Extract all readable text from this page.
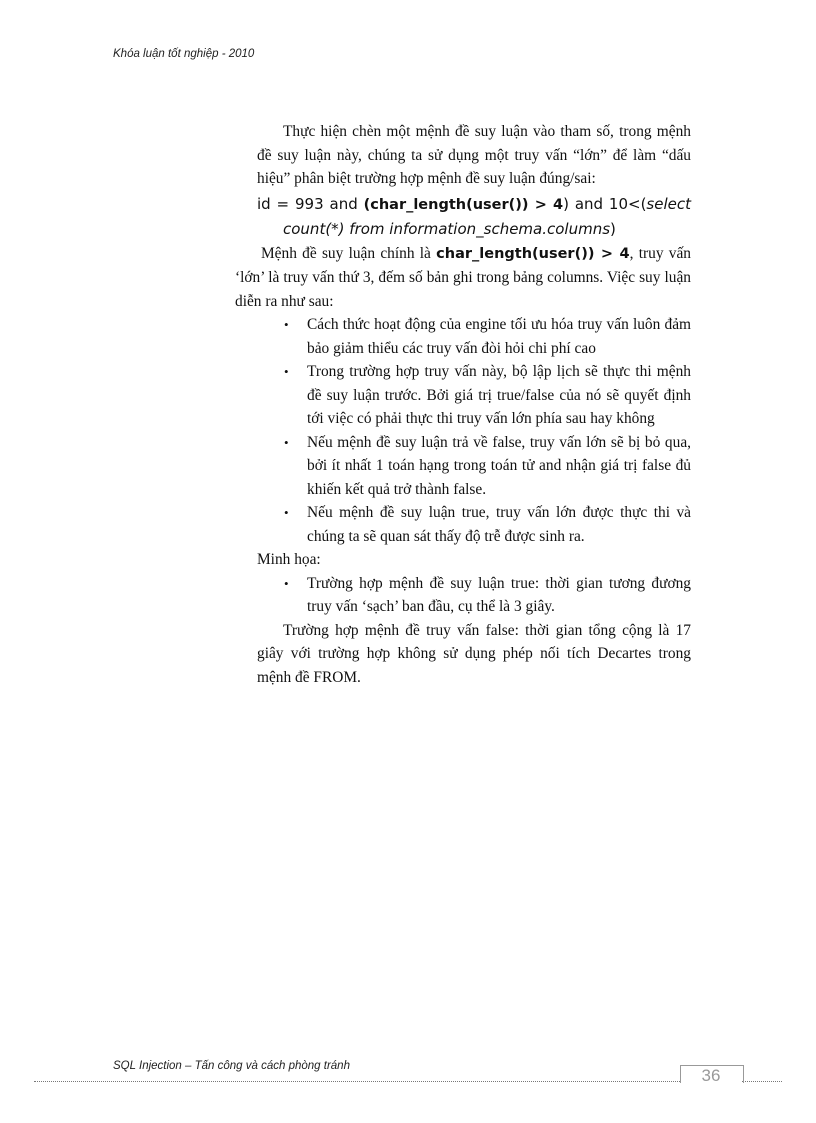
Khóa luận tốt nghiệp - 2010

Thực hiện chèn một mệnh đề suy luận vào tham số, trong mệnh đề suy luận này, chúng ta sử dụng một truy vấn “lớn” để làm “dấu hiệu” phân biệt trường hợp mệnh đề suy luận đúng/sai:

id = 993 and (char_length(user()) > 4) and 10<(select count(*) from information_schema.columns)

Mệnh đề suy luận chính là char_length(user()) > 4, truy vấn ‘lớn’ là truy vấn thứ 3, đếm số bản ghi trong bảng columns. Việc suy luận diễn ra như sau:

• Cách thức hoạt động của engine tối ưu hóa truy vấn luôn đảm bảo giảm thiểu các truy vấn đòi hỏi chi phí cao
• Trong trường hợp truy vấn này, bộ lập lịch sẽ thực thi mệnh đề suy luận trước. Bởi giá trị true/false của nó sẽ quyết định tới việc có phải thực thi truy vấn lớn phía sau hay không
• Nếu mệnh đề suy luận trả về false, truy vấn lớn sẽ bị bỏ qua, bởi ít nhất 1 toán hạng trong toán tử and nhận giá trị false đủ khiến kết quả trở thành false.
• Nếu mệnh đề suy luận true, truy vấn lớn được thực thi và chúng ta sẽ quan sát thấy độ trễ được sinh ra.

Minh họa:

• Trường hợp mệnh đề suy luận true: thời gian tương đương truy vấn ‘sạch’ ban đầu, cụ thể là 3 giây.

Trường hợp mệnh đề truy vấn false: thời gian tổng cộng là 17 giây với trường hợp không sử dụng phép nối tích Decartes trong mệnh đề FROM.

SQL Injection – Tấn công và cách phòng tránh	36
